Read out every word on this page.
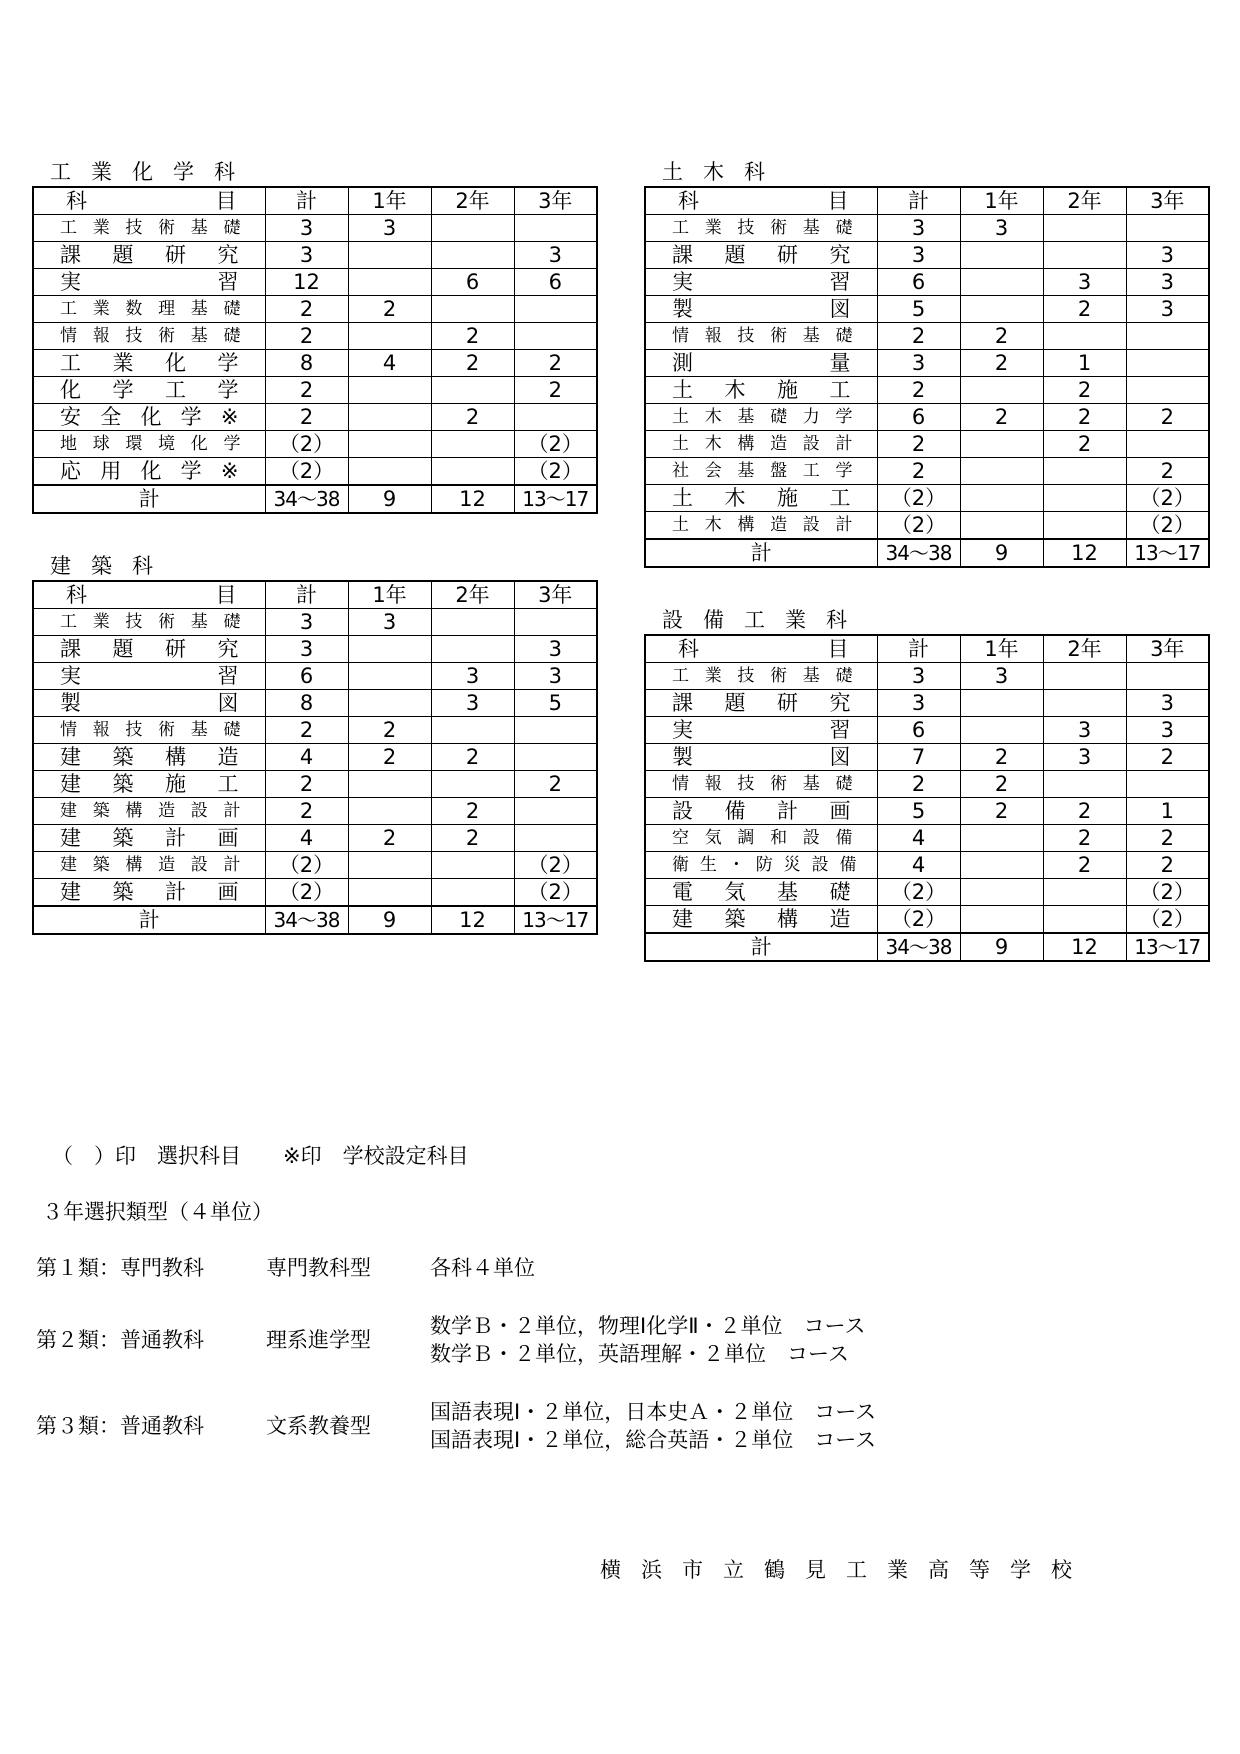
工業化学科
科　　　　　目	計	1年	2年	3年
工業技術基礎	3	3		
課題研究	3			3
実習	12		6	6
工業数理基礎	2	2		
情報技術基礎	2		2	
工業化学	8	4	2	2
化学工学	2			2
安全化学※	2		2	
地球環境化学	（2）			（2）
応用化学※	（2）			（2）
計	34～38	9	12	13～17
建築科
科　　　　　目	計	1年	2年	3年
工業技術基礎	3	3		
課題研究	3			3
実習	6		3	3
製図	8		3	5
情報技術基礎	2	2		
建築構造	4	2	2	
建築施工	2			2
建築構造設計	2		2	
建築計画	4	2	2	
建築構造設計	（2）			（2）
建築計画	（2）			（2）
計	34～38	9	12	13～17
土木科
科　　　　　目	計	1年	2年	3年
工業技術基礎	3	3		
課題研究	3			3
実習	6		3	3
製図	5		2	3
情報技術基礎	2	2		
測量	3	2	1	
土木施工	2		2	
土木基礎力学	6	2	2	2
土木構造設計	2		2	
社会基盤工学	2			2
土木施工	（2）			（2）
土木構造設計	（2）			（2）
計	34～38	9	12	13～17
設備工業科
科　　　　　目	計	1年	2年	3年
工業技術基礎	3	3		
課題研究	3			3
実習	6		3	3
製図	7	2	3	2
情報技術基礎	2	2		
設備計画	5	2	2	1
空気調和設備	4		2	2
衛生・防災設備	4		2	2
電気基礎	（2）			（2）
建築構造	（2）			（2）
計	34～38	9	12	13～17
（　）印　選択科目　　※印　学校設定科目
３年選択類型（４単位）
第１類：専門教科	専門教科型	各科４単位
第２類：普通教科	理系進学型
数学Ｂ・２単位，物理Ⅰ化学Ⅱ・２単位　コース
数学Ｂ・２単位，英語理解・２単位　コース
第３類：普通教科	文系教養型
国語表現Ⅰ・２単位，日本史Ａ・２単位　コース
国語表現Ⅰ・２単位，総合英語・２単位　コース
横浜市立鶴見工業高等学校
